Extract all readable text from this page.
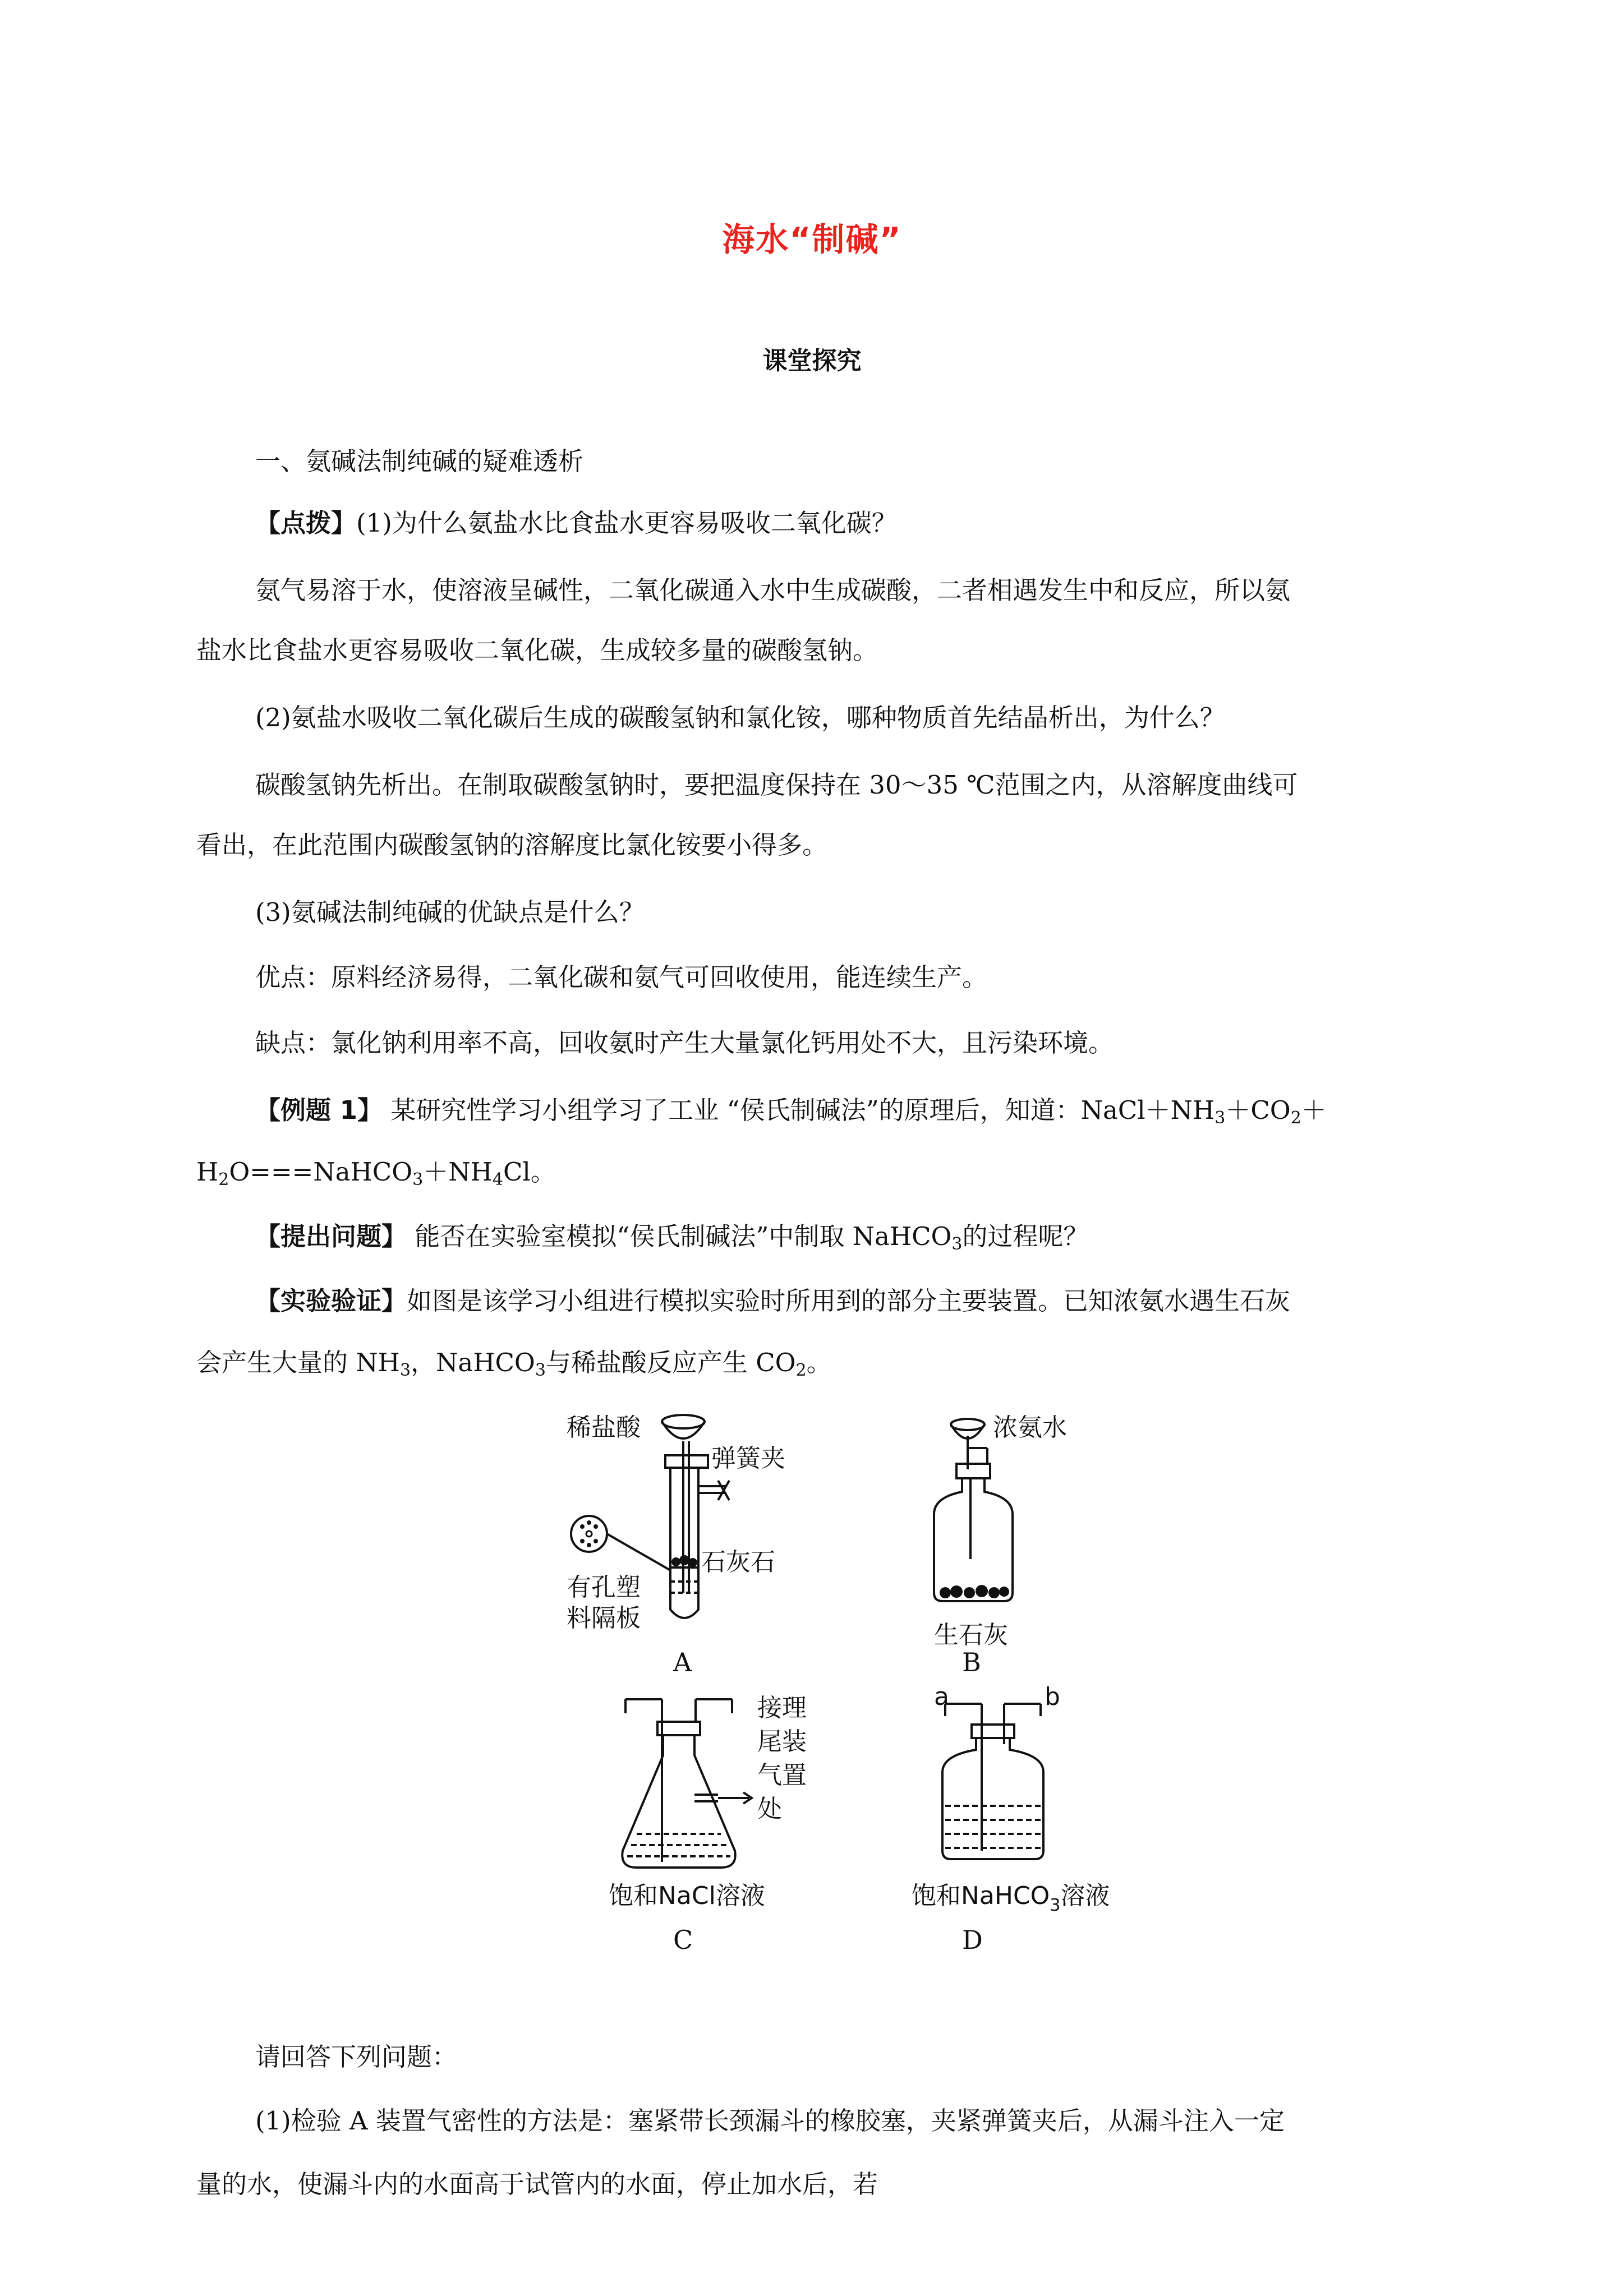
海水“制碱”
课堂探究
一、氨碱法制纯碱的疑难透析
【点拨】(1)为什么氨盐水比食盐水更容易吸收二氧化碳？
氨气易溶于水，使溶液呈碱性，二氧化碳通入水中生成碳酸，二者相遇发生中和反应，所以氨
盐水比食盐水更容易吸收二氧化碳，生成较多量的碳酸氢钠。
(2)氨盐水吸收二氧化碳后生成的碳酸氢钠和氯化铵，哪种物质首先结晶析出，为什么？
碳酸氢钠先析出。在制取碳酸氢钠时，要把温度保持在 30～35 ℃范围之内，从溶解度曲线可
看出，在此范围内碳酸氢钠的溶解度比氯化铵要小得多。
(3)氨碱法制纯碱的优缺点是什么？
优点：原料经济易得，二氧化碳和氨气可回收使用，能连续生产。
缺点：氯化钠利用率不高，回收氨时产生大量氯化钙用处不大，且污染环境。
【例题 1】 某研究性学习小组学习了工业 “侯氏制碱法”的原理后，知道：$NaCl+NH_3+CO_2+$
$H_2O===NaHCO_3+NH_4Cl$。
【提出问题】 能否在实验室模拟“侯氏制碱法”中制取 NaHCO$_3$的过程呢？
【实验验证】如图是该学习小组进行模拟实验时所用到的部分主要装置。已知浓氨水遇生石灰
会产生大量的 $NH_3$，NaHCO$_3$与稀盐酸反应产生 $CO_2$。
稀盐酸
弹簧夹
石灰石
有孔塑
料隔板
A
浓氨水
生石灰
B
接理
尾装
气置
处
饱和NaCl溶液
C
a	b
饱和NaHCO$_3$溶液
D
请回答下列问题：
(1)检验 A 装置气密性的方法是：塞紧带长颈漏斗的橡胶塞，夹紧弹簧夹后，从漏斗注入一定
量的水，使漏斗内的水面高于试管内的水面，停止加水后，若
